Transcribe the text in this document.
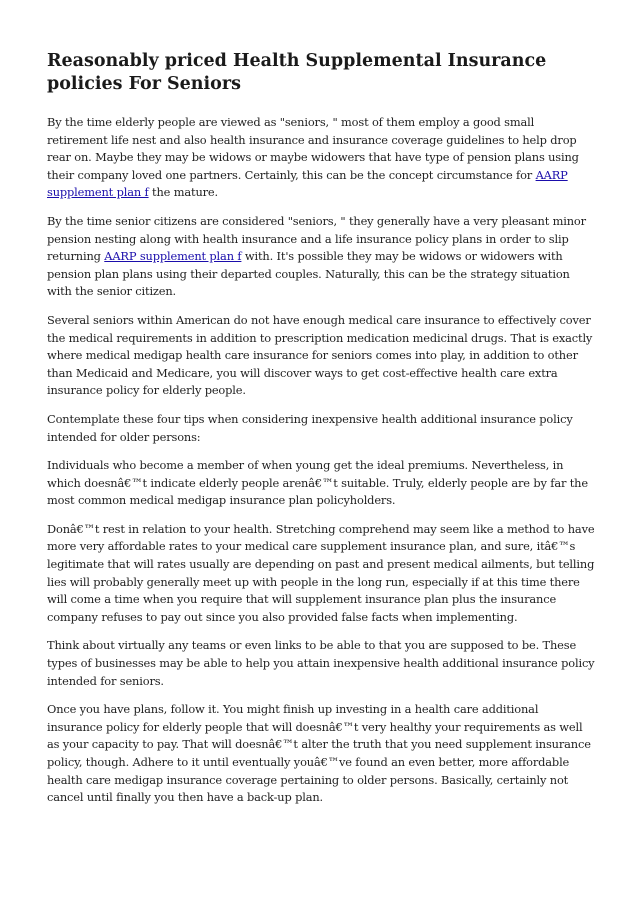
Reasonably priced Health Supplemental Insurance policies For Seniors

By the time elderly people are viewed as "seniors, " most of them employ a good small retirement life nest and also health insurance and insurance coverage guidelines to help drop rear on. Maybe they may be widows or maybe widowers that have type of pension plans using their company loved one partners. Certainly, this can be the concept circumstance for AARP supplement plan f the mature.

By the time senior citizens are considered "seniors, " they generally have a very pleasant minor pension nesting along with health insurance and a life insurance policy plans in order to slip returning AARP supplement plan f with. It's possible they may be widows or widowers with pension plan plans using their departed couples. Naturally, this can be the strategy situation with the senior citizen.

Several seniors within American do not have enough medical care insurance to effectively cover the medical requirements in addition to prescription medication medicinal drugs. That is exactly where medical medigap health care insurance for seniors comes into play, in addition to other than Medicaid and Medicare, you will discover ways to get cost-effective health care extra insurance policy for elderly people.

Contemplate these four tips when considering inexpensive health additional insurance policy intended for older persons:

Individuals who become a member of when young get the ideal premiums. Nevertheless, in which doesnâ€™t indicate elderly people arenâ€™t suitable. Truly, elderly people are by far the most common medical medigap insurance plan policyholders.

Donâ€™t rest in relation to your health. Stretching comprehend may seem like a method to have more very affordable rates to your medical care supplement insurance plan, and sure, itâ€™s legitimate that will rates usually are depending on past and present medical ailments, but telling lies will probably generally meet up with people in the long run, especially if at this time there will come a time when you require that will supplement insurance plan plus the insurance company refuses to pay out since you also provided false facts when implementing.

Think about virtually any teams or even links to be able to that you are supposed to be. These types of businesses may be able to help you attain inexpensive health additional insurance policy intended for seniors.

Once you have plans, follow it. You might finish up investing in a health care additional insurance policy for elderly people that will doesnâ€™t very healthy your requirements as well as your capacity to pay. That will doesnâ€™t alter the truth that you need supplement insurance policy, though. Adhere to it until eventually youâ€™ve found an even better, more affordable health care medigap insurance coverage pertaining to older persons. Basically, certainly not cancel until finally you then have a back-up plan.
